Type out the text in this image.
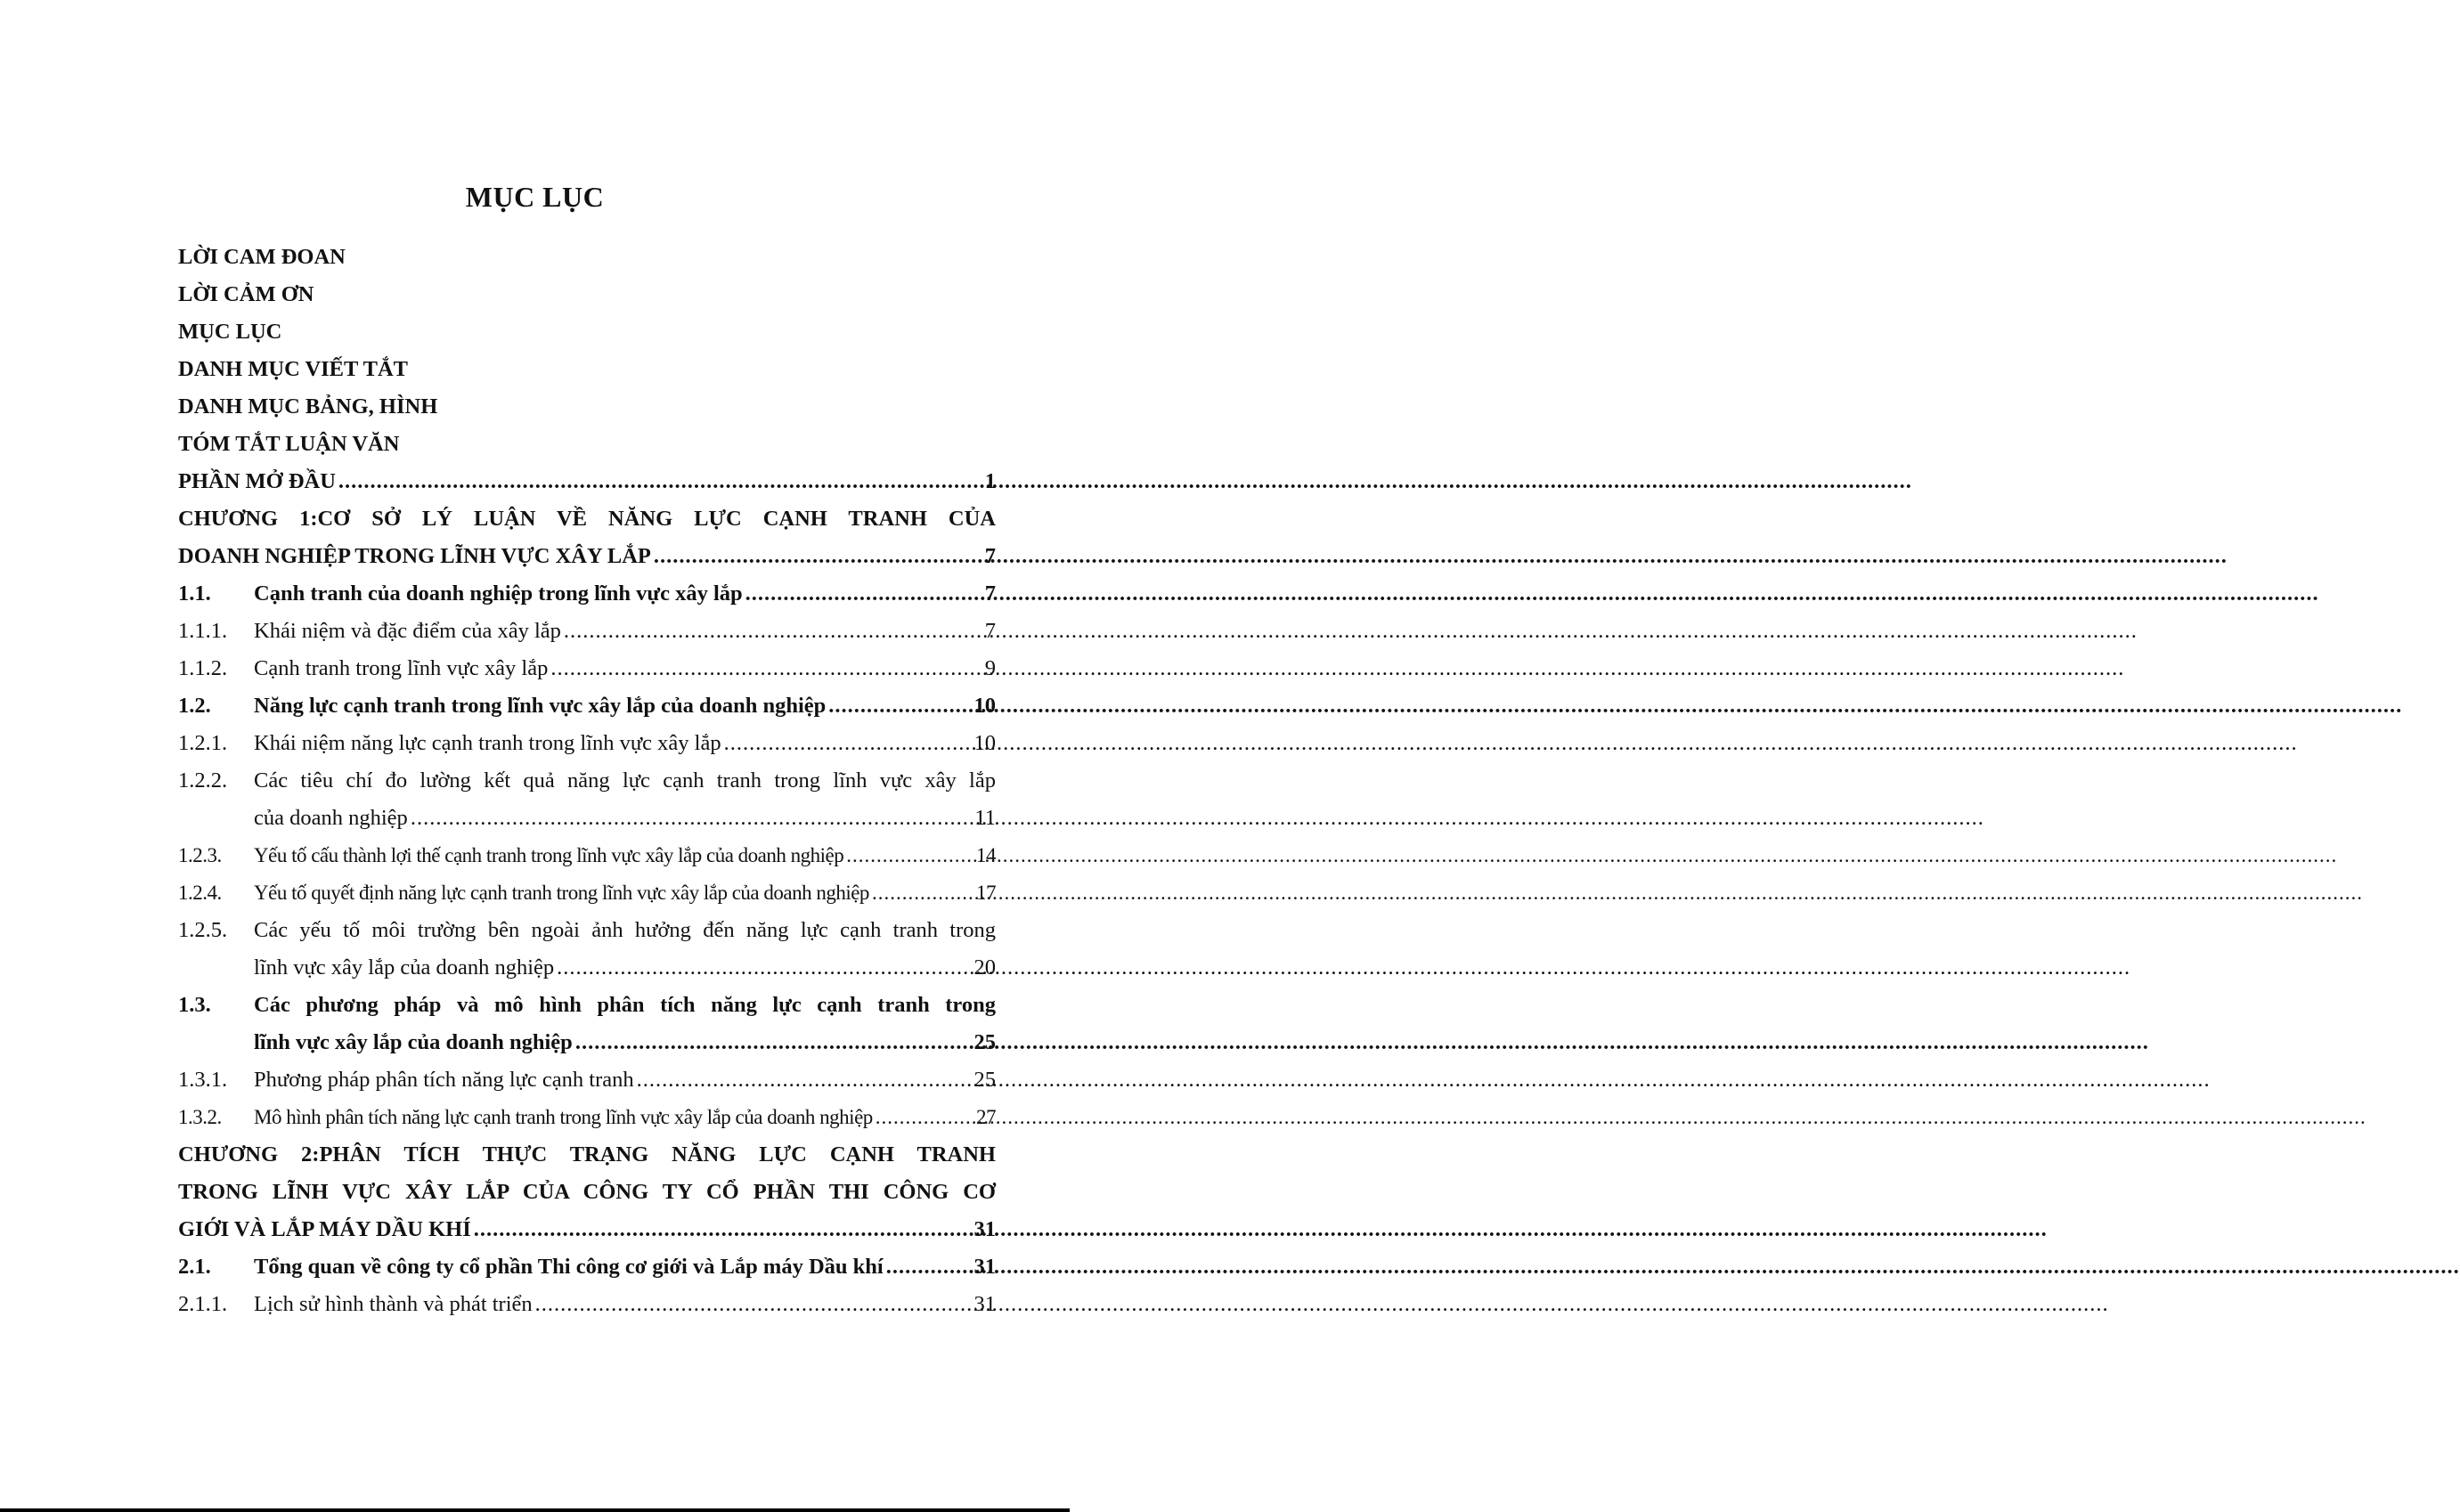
MỤC LỤC
LỜI CAM ĐOAN
LỜI CẢM ƠN
MỤC LỤC
DANH MỤC VIẾT TẮT
DANH MỤC BẢNG, HÌNH
TÓM TẮT LUẬN VĂN
PHẦN MỞ ĐẦU .....	1
CHƯƠNG 1:CƠ SỞ LÝ LUẬN VỀ NĂNG LỰC CẠNH TRANH CỦA
DOANH NGHIỆP TRONG LĨNH VỰC XÂY LẮP .....	7
1.1.	Cạnh tranh của doanh nghiệp trong lĩnh vực xây lắp .....	7
1.1.1.	Khái niệm và đặc điểm của xây lắp .....	7
1.1.2.	Cạnh tranh trong lĩnh vực xây lắp .....	9
1.2.	Năng lực cạnh tranh trong lĩnh vực xây lắp của doanh nghiệp .....	10
1.2.1.	Khái niệm năng lực cạnh tranh trong lĩnh vực xây lắp .....	10
1.2.2.	Các tiêu chí đo lường kết quả năng lực cạnh tranh trong lĩnh vực xây lắp
của doanh nghiệp .....	11
1.2.3.	Yếu tố cấu thành lợi thế cạnh tranh trong lĩnh vực xây lắp của doanh nghiệp .....	14
1.2.4.	Yếu tố quyết định năng lực cạnh tranh trong lĩnh vực xây lắp của doanh nghiệp .....	17
1.2.5.	Các yếu tố môi trường bên ngoài ảnh hưởng đến năng lực cạnh tranh trong
lĩnh vực xây lắp của doanh nghiệp .....	20
1.3.	Các phương pháp và mô hình phân tích năng lực cạnh tranh trong
lĩnh vực xây lắp của doanh nghiệp .....	25
1.3.1.	Phương pháp phân tích năng lực cạnh tranh .....	25
1.3.2.	Mô hình phân tích năng lực cạnh tranh trong lĩnh vực xây lắp của doanh nghiệp .....	27
CHƯƠNG 2:PHÂN TÍCH THỰC TRẠNG NĂNG LỰC CẠNH TRANH
TRONG LĨNH VỰC XÂY LẮP CỦA CÔNG TY CỔ PHẦN THI CÔNG CƠ
GIỚI VÀ LẮP MÁY DẦU KHÍ .....	31
2.1.	Tổng quan về công ty cổ phần Thi công cơ giới và Lắp máy Dầu khí .....	31
2.1.1.	Lịch sử hình thành và phát triển .....	31
